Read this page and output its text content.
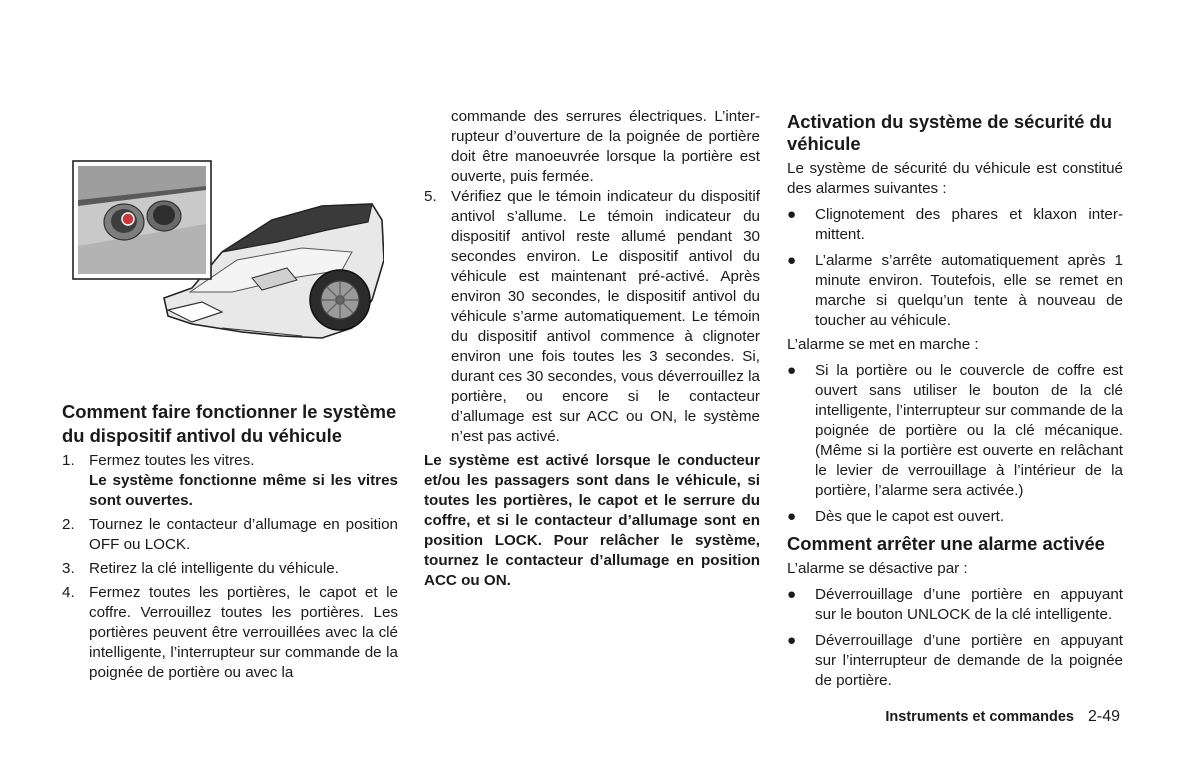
Comment faire fonctionner le système du dispositif antivol du véhicule
1. Fermez toutes les vitres.
Le système fonctionne même si les vitres sont ouvertes.
2. Tournez le contacteur d’allumage en position OFF ou LOCK.
3. Retirez la clé intelligente du véhicule.
4. Fermez toutes les portières, le capot et le coffre. Verrouillez toutes les portières. Les portières peuvent être verrouillées avec la clé intelligente, l’interrupteur sur commande de la poignée de portière ou avec la
commande des serrures électriques. L’interrupteur d’ouverture de la poignée de portière doit être manoeuvrée lorsque la portière est ouverte, puis fermée.
5. Vérifiez que le témoin indicateur du dispositif antivol s’allume. Le témoin indicateur du dispositif antivol reste allumé pendant 30 secondes environ. Le dispositif antivol du véhicule est maintenant pré-activé. Après environ 30 secondes, le dispositif antivol du véhicule s’arme automatiquement. Le témoin du dispositif antivol commence à clignoter environ une fois toutes les 3 secondes. Si, durant ces 30 secondes, vous déverrouillez la portière, ou encore si le contacteur d’allumage est sur ACC ou ON, le système n’est pas activé.
Le système est activé lorsque le conducteur et/ou les passagers sont dans le véhicule, si toutes les portières, le capot et le serrure du coffre, et si le contacteur d’allumage sont en position LOCK. Pour relâcher le système, tournez le contacteur d’allumage en position ACC ou ON.
Activation du système de sécurité du véhicule
Le système de sécurité du véhicule est constitué des alarmes suivantes :
● Clignotement des phares et klaxon intermittent.
● L’alarme s’arrête automatiquement après 1 minute environ. Toutefois, elle se remet en marche si quelqu’un tente à nouveau de toucher au véhicule.
L’alarme se met en marche :
● Si la portière ou le couvercle de coffre est ouvert sans utiliser le bouton de la clé intelligente, l’interrupteur sur commande de la poignée de portière ou la clé mécanique. (Même si la portière est ouverte en relâchant le levier de verrouillage à l’intérieur de la portière, l’alarme sera activée.)
● Dès que le capot est ouvert.
Comment arrêter une alarme activée
L’alarme se désactive par :
● Déverrouillage d’une portière en appuyant sur le bouton UNLOCK de la clé intelligente.
● Déverrouillage d’une portière en appuyant sur l’interrupteur de demande de la poignée de portière.
Instruments et commandes 2-49
